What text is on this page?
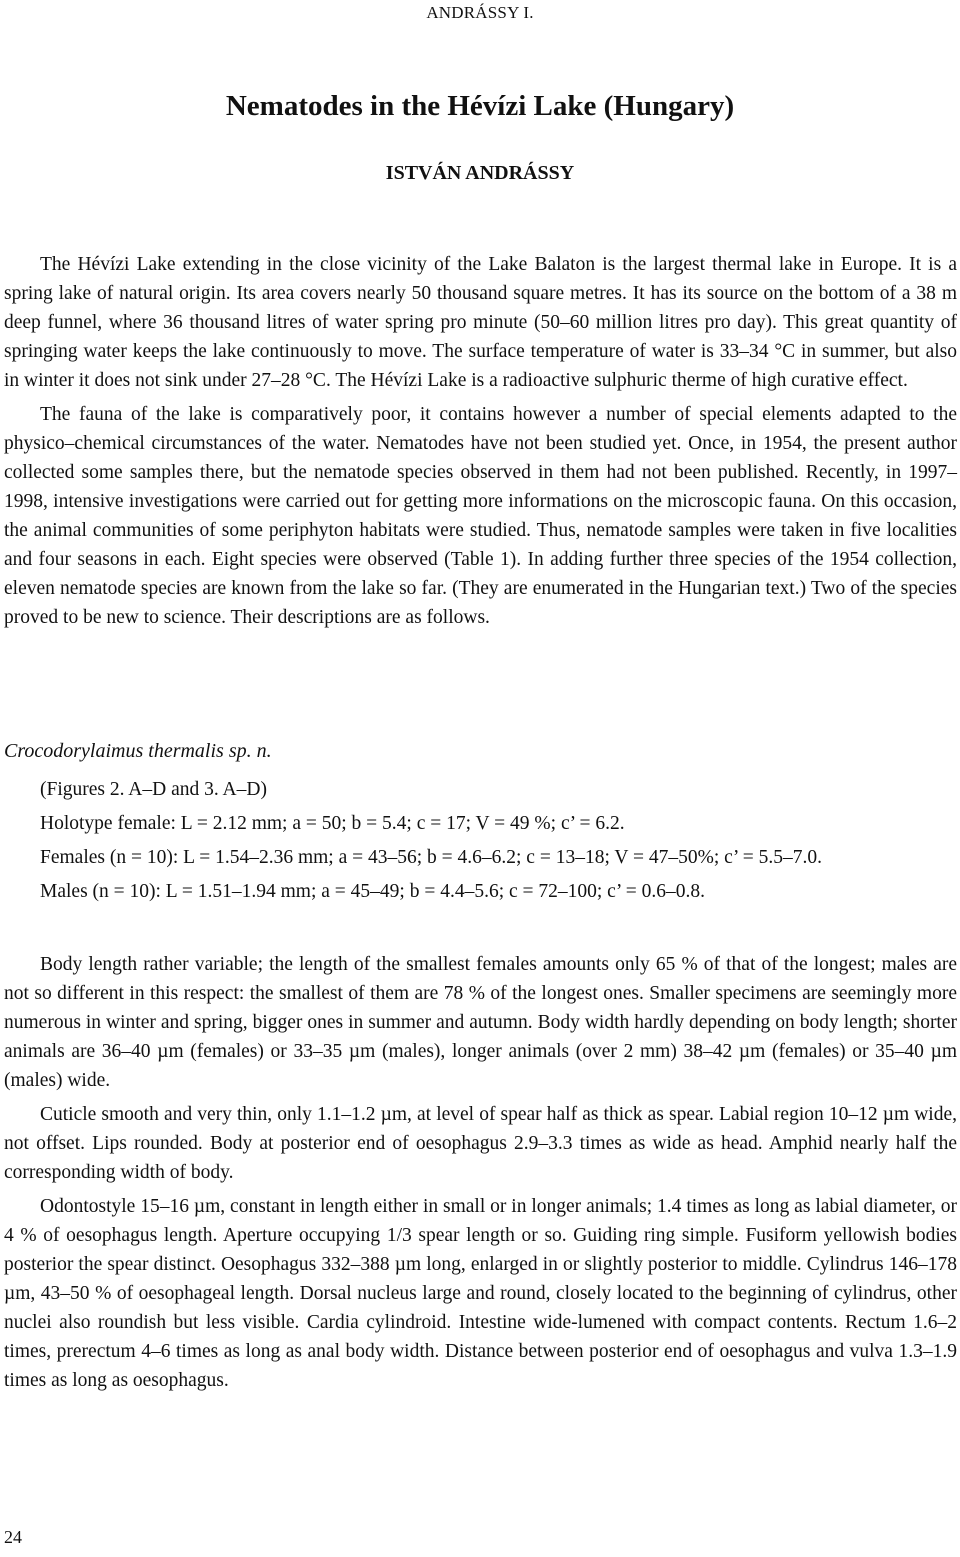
ANDRÁSSY I.
Nematodes in the Hévízi Lake (Hungary)
ISTVÁN ANDRÁSSY

The Hévízi Lake extending in the close vicinity of the Lake Balaton is the largest thermal lake in Europe. It is a spring lake of natural origin. Its area covers nearly 50 thousand square metres. It has its source on the bottom of a 38 m deep funnel, where 36 thousand litres of water spring pro minute (50–60 million litres pro day). This great quantity of springing water keeps the lake continuously to move. The surface temperature of water is 33–34 °C in summer, but also in winter it does not sink under 27–28 °C. The Hévízi Lake is a radioactive sulphuric therme of high curative effect.

The fauna of the lake is comparatively poor, it contains however a number of special elements adapted to the physico–chemical circumstances of the water. Nematodes have not been studied yet. Once, in 1954, the present author collected some samples there, but the nematode species observed in them had not been published. Recently, in 1997–1998, intensive investigations were carried out for getting more informations on the microscopic fauna. On this occasion, the animal communities of some periphyton habitats were studied. Thus, nematode samples were taken in five localities and four seasons in each. Eight species were observed (Table 1). In adding further three species of the 1954 collection, eleven nematode species are known from the lake so far. (They are enumerated in the Hungarian text.) Two of the species proved to be new to science. Their descriptions are as follows.

Crocodorylaimus thermalis sp. n.

(Figures 2. A–D and 3. A–D)

Holotype female: L = 2.12 mm; a = 50; b = 5.4; c = 17; V = 49 %; c’ = 6.2.

Females (n = 10): L = 1.54–2.36 mm; a = 43–56; b = 4.6–6.2; c = 13–18; V = 47–50%; c’ = 5.5–7.0.

Males (n = 10): L = 1.51–1.94 mm; a = 45–49; b = 4.4–5.6; c = 72–100; c’ = 0.6–0.8.

Body length rather variable; the length of the smallest females amounts only 65 % of that of the longest; males are not so different in this respect: the smallest of them are 78 % of the longest ones. Smaller specimens are seemingly more numerous in winter and spring, bigger ones in summer and autumn. Body width hardly depending on body length; shorter animals are 36–40 µm (females) or 33–35 µm (males), longer animals (over 2 mm) 38–42 µm (females) or 35–40 µm (males) wide.

Cuticle smooth and very thin, only 1.1–1.2 µm, at level of spear half as thick as spear. Labial region 10–12 µm wide, not offset. Lips rounded. Body at posterior end of oesophagus 2.9–3.3 times as wide as head. Amphid nearly half the corresponding width of body.

Odontostyle 15–16 µm, constant in length either in small or in longer animals; 1.4 times as long as labial diameter, or 4 % of oesophagus length. Aperture occupying 1/3 spear length or so. Guiding ring simple. Fusiform yellowish bodies posterior the spear distinct. Oesophagus 332–388 µm long, enlarged in or slightly posterior to middle. Cylindrus 146–178 µm, 43–50 % of oesophageal length. Dorsal nucleus large and round, closely located to the beginning of cylindrus, other nuclei also roundish but less visible. Cardia cylindroid. Intestine wide-lumened with compact contents. Rectum 1.6–2 times, prerectum 4–6 times as long as anal body width. Distance between posterior end of oesophagus and vulva 1.3–1.9 times as long as oesophagus.

24
